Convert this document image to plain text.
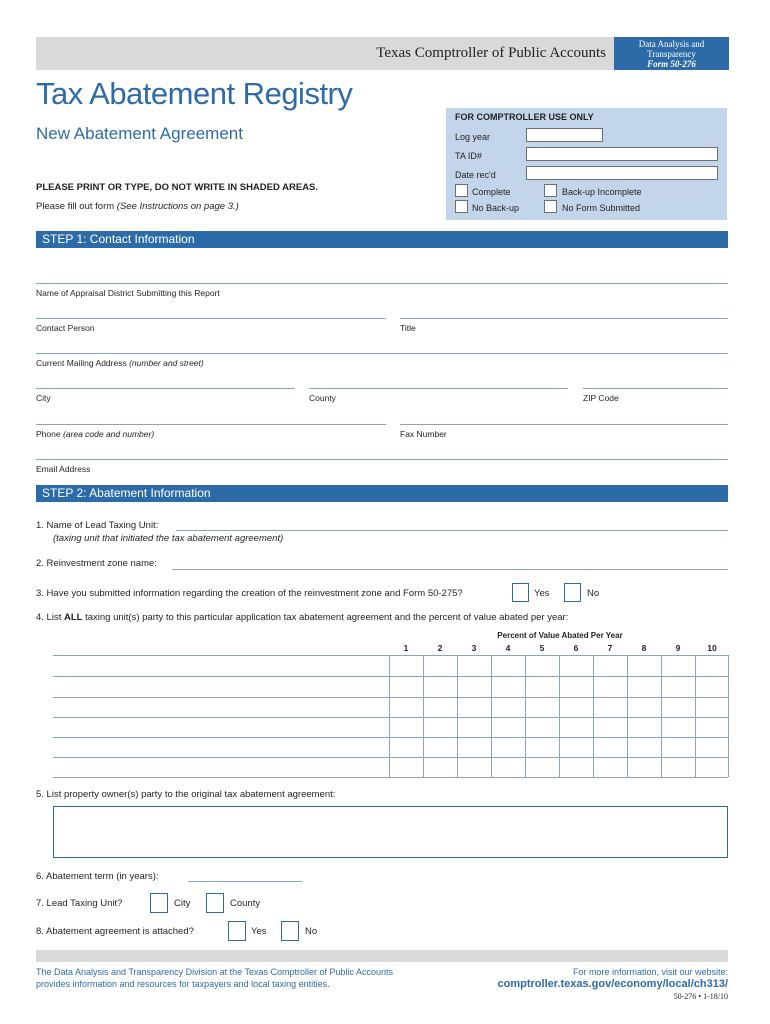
Texas Comptroller of Public Accounts
Data Analysis and Transparency
Form 50-276
Tax Abatement Registry
New Abatement Agreement
PLEASE PRINT OR TYPE, DO NOT WRITE IN SHADED AREAS.
Please fill out form (See Instructions on page 3.)
FOR COMPTROLLER USE ONLY
Log year
TA ID#
Date rec'd
Complete
No Back-up
Back-up Incomplete
No Form Submitted
STEP 1: Contact Information
Name of Appraisal District Submitting this Report
Contact Person	Title
Current Mailing Address (number and street)
City	County	ZIP Code
Phone (area code and number)	Fax Number
Email Address
STEP 2: Abatement Information
1. Name of Lead Taxing Unit:
(taxing unit that initiated the tax abatement agreement)
2. Reinvestment zone name:
3. Have you submitted information regarding the creation of the reinvestment zone and Form 50-275?	Yes	No
4. List ALL taxing unit(s) party to this particular application tax abatement agreement and the percent of value abated per year:
Percent of Value Abated Per Year
1	2	3	4	5	6	7	8	9	10
5. List property owner(s) party to the original tax abatement agreement:
6. Abatement term (in years):
7. Lead Taxing Unit?	City	County
8. Abatement agreement is attached?	Yes	No
The Data Analysis and Transparency Division at the Texas Comptroller of Public Accounts
provides information and resources for taxpayers and local taxing entities.
For more information, visit our website:
comptroller.texas.gov/economy/local/ch313/
50-276 • 1-18/10
